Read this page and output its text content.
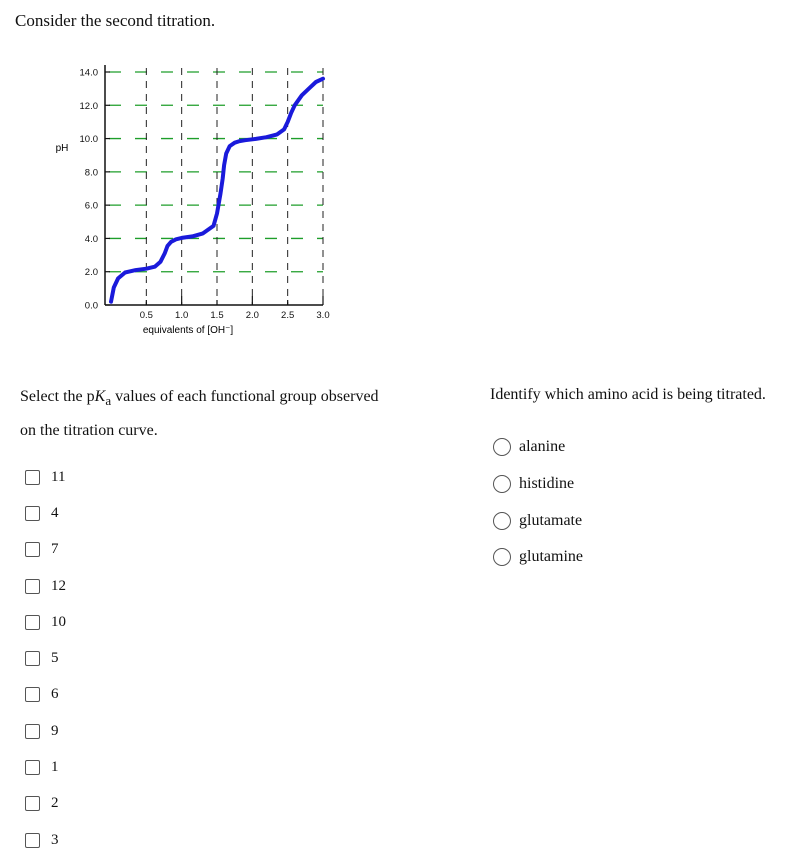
Consider the second titration.
0.0
2.0
4.0
6.0
8.0
10.0
12.0
14.0
0.5 1.0 1.5 2.0 2.5 3.0
pH
equivalents of [OH⁻]
Select the $pK_a$ values of each functional group observed
on the titration curve.
Identify which amino acid is being titrated.
11
4
7
12
10
5
6
9
1
2
3
alanine
histidine
glutamate
glutamine
